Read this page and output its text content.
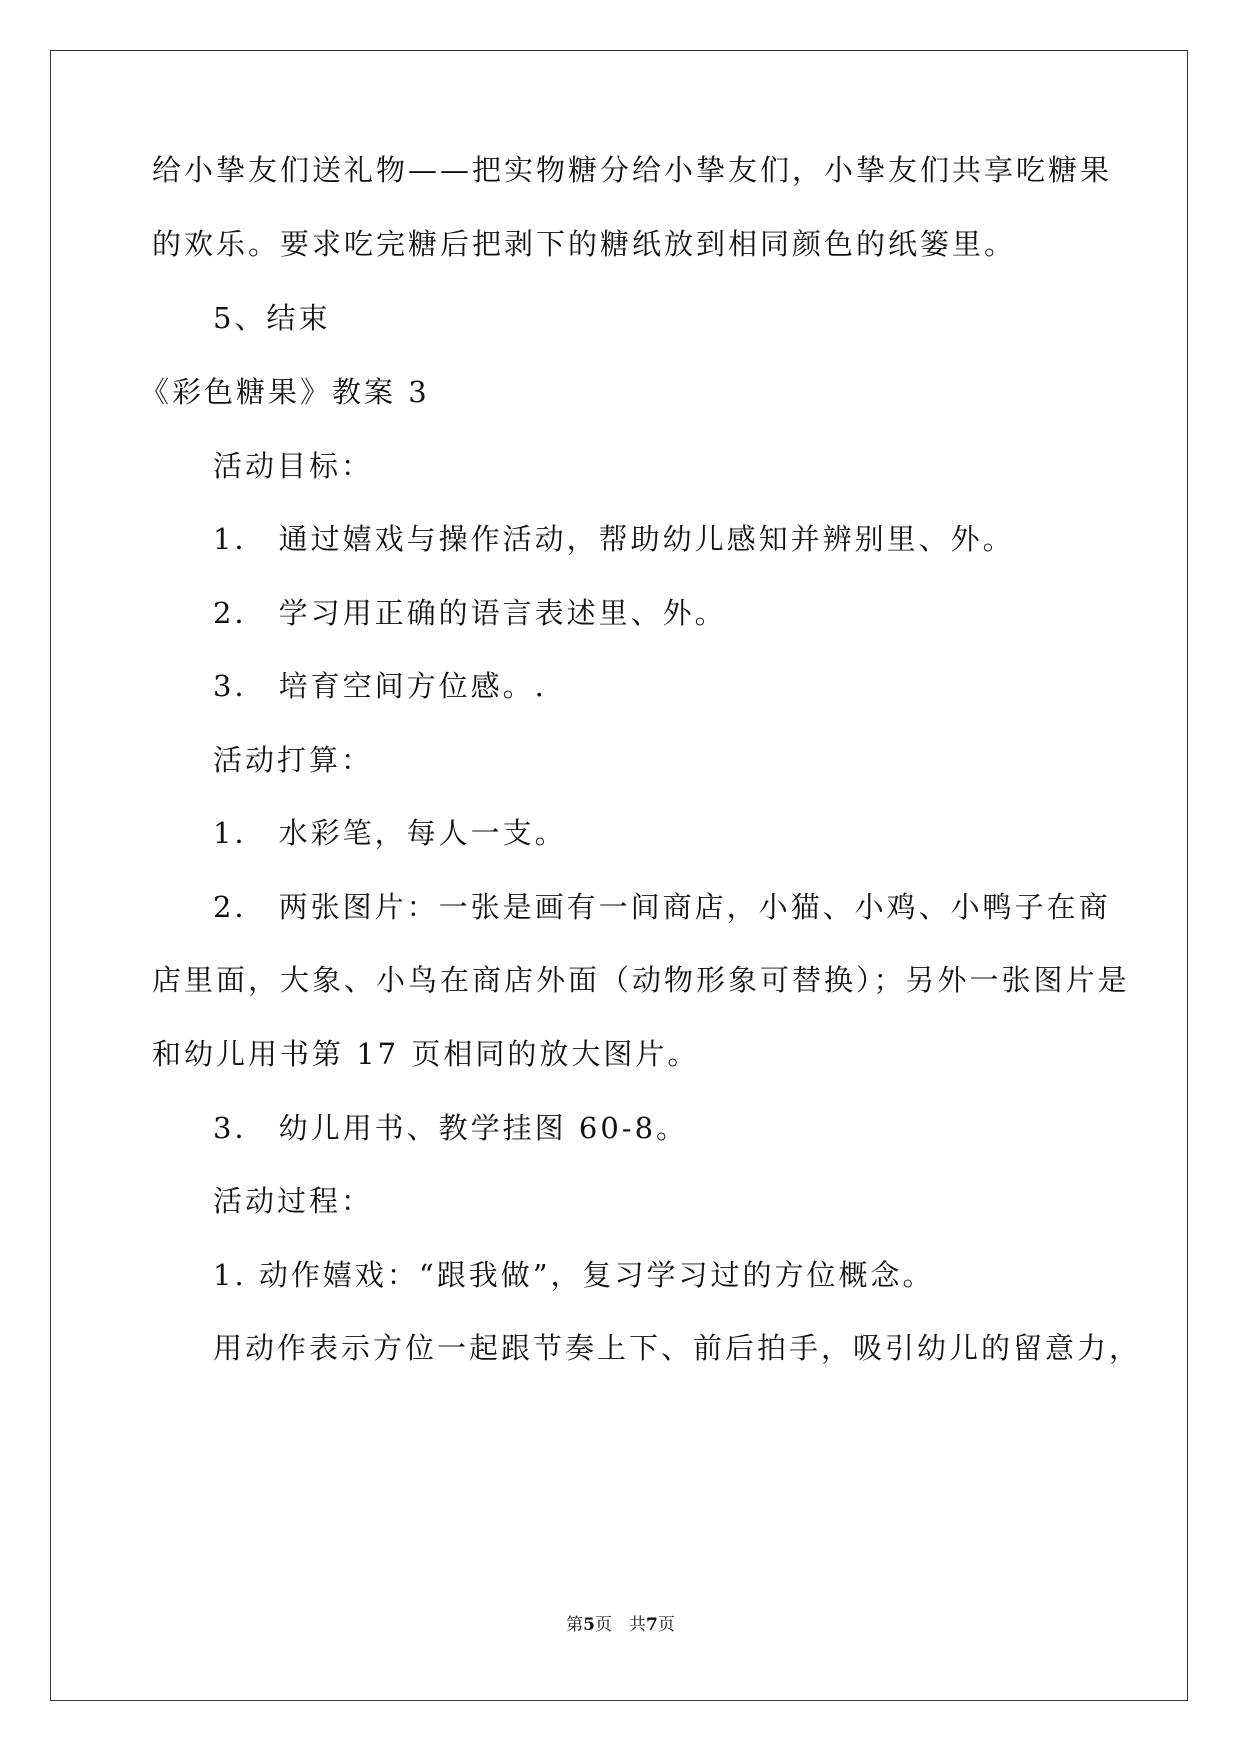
给小挚友们送礼物——把实物糖分给小挚友们，小挚友们共享吃糖果
的欢乐。要求吃完糖后把剥下的糖纸放到相同颜色的纸篓里。
5、结束
《彩色糖果》教案 3
活动目标：
1． 通过嬉戏与操作活动，帮助幼儿感知并辨别里、外。
2． 学习用正确的语言表述里、外。
3． 培育空间方位感。.
活动打算：
1． 水彩笔，每人一支。
2． 两张图片：一张是画有一间商店，小猫、小鸡、小鸭子在商
店里面，大象、小鸟在商店外面（动物形象可替换）；另外一张图片是
和幼儿用书第 17 页相同的放大图片。
3． 幼儿用书、教学挂图 60-8。
活动过程：
1. 动作嬉戏：“跟我做”，复习学习过的方位概念。
用动作表示方位一起跟节奏上下、前后拍手，吸引幼儿的留意力，
第5页　共7页
